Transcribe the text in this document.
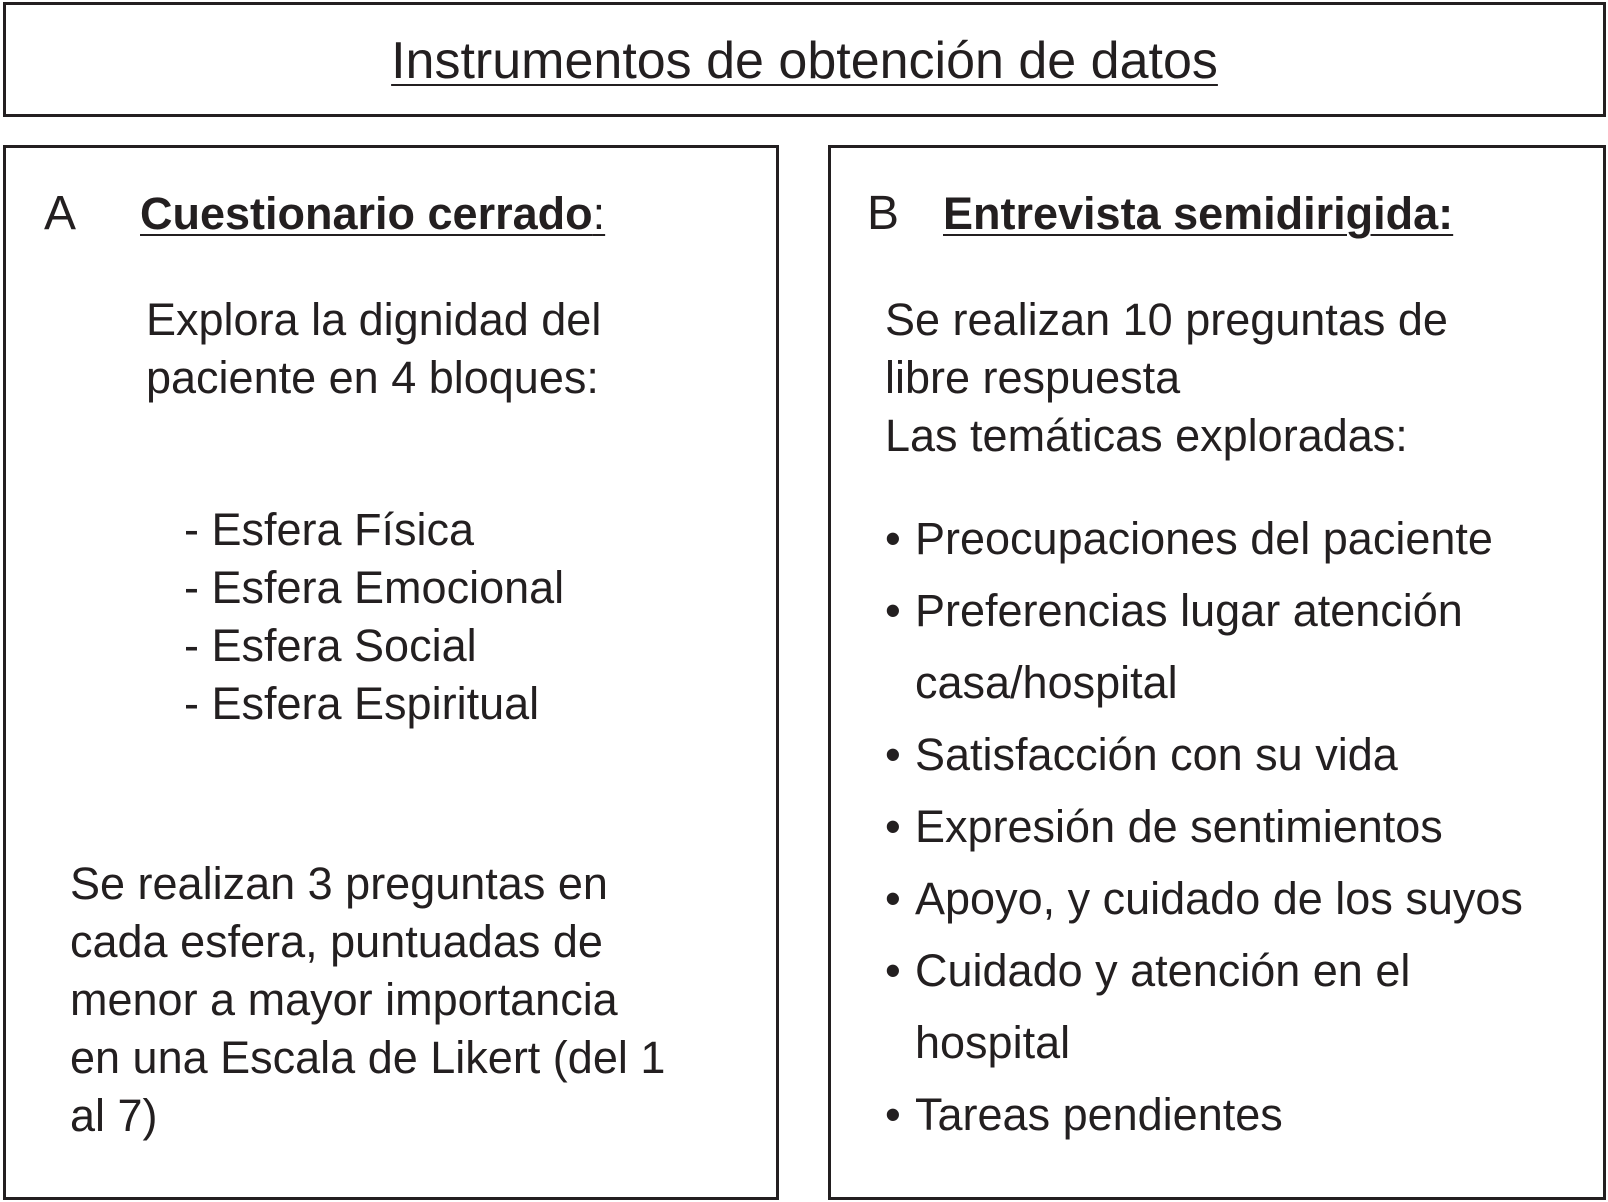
Instrumentos de obtención de datos
A Cuestionario cerrado:
Explora la dignidad del
paciente en 4 bloques:
- Esfera Física
- Esfera Emocional
- Esfera Social
- Esfera Espiritual
Se realizan 3 preguntas en
cada esfera, puntuadas de
menor a mayor importancia
en una Escala de Likert (del 1
al 7)
B Entrevista semidirigida:
Se realizan 10 preguntas de
libre respuesta
Las temáticas exploradas:
• Preocupaciones del paciente
• Preferencias lugar atención
casa/hospital
• Satisfacción con su vida
• Expresión de sentimientos
• Apoyo, y cuidado de los suyos
• Cuidado y atención en el
hospital
• Tareas pendientes
